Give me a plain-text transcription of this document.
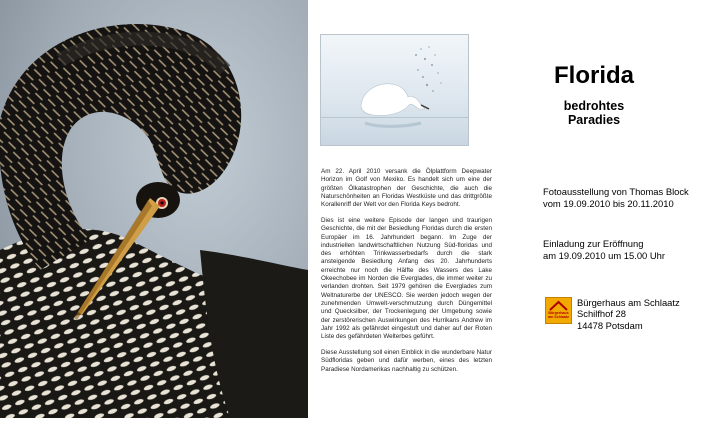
Am 22. April 2010 versank die Ölplattform Deepwater Horizon im Golf von Mexiko. Es handelt sich um eine der größten Ölkatastrophen der Geschichte, die auch die Naturschönheiten an Floridas Westküste und das drittgrößte Korallenriff der Welt vor den Florida Keys bedroht.

Dies ist eine weitere Episode der langen und traurigen Geschichte, die mit der Besiedlung Floridas durch die ersten Europäer im 16. Jahrhundert begann. Im Zuge der industriellen landwirtschaftlichen Nutzung Süd-floridas und des erhöhten Trinkwasserbedarfs durch die stark ansteigende Besiedlung Anfang des 20. Jahrhunderts erreichte nur noch die Hälfte des Wassers des Lake Okeechobee im Norden die Everglades, die immer weiter zu verlanden drohten. Seit 1979 gehören die Everglades zum Weltnaturerbe der UNESCO. Sie werden jedoch wegen der zunehmenden Umwelt-verschmutzung durch Düngemittel und Quecksilber, der Trockenlegung der Umgebung sowie der zerstörerischen Auswirkungen des Hurrikans Andrew im Jahr 1992 als gefährdet eingestuft und daher auf der Roten Liste des gefährdeten Welterbes geführt.

Diese Ausstellung soll einen Einblick in die wunderbare Natur Südfloridas geben und dafür werben, eines des letzten Paradiese Nordamerikas nachhaltig zu schützen.

Florida
bedrohtes Paradies
Fotoausstellung von Thomas Block
vom 19.09.2010 bis 20.11.2010
Einladung zur Eröffnung
am 19.09.2010 um 15.00 Uhr
Bürgerhaus am Schlaatz
Bürgerhaus am Schlaatz
Schilfhof 28
14478 Potsdam
